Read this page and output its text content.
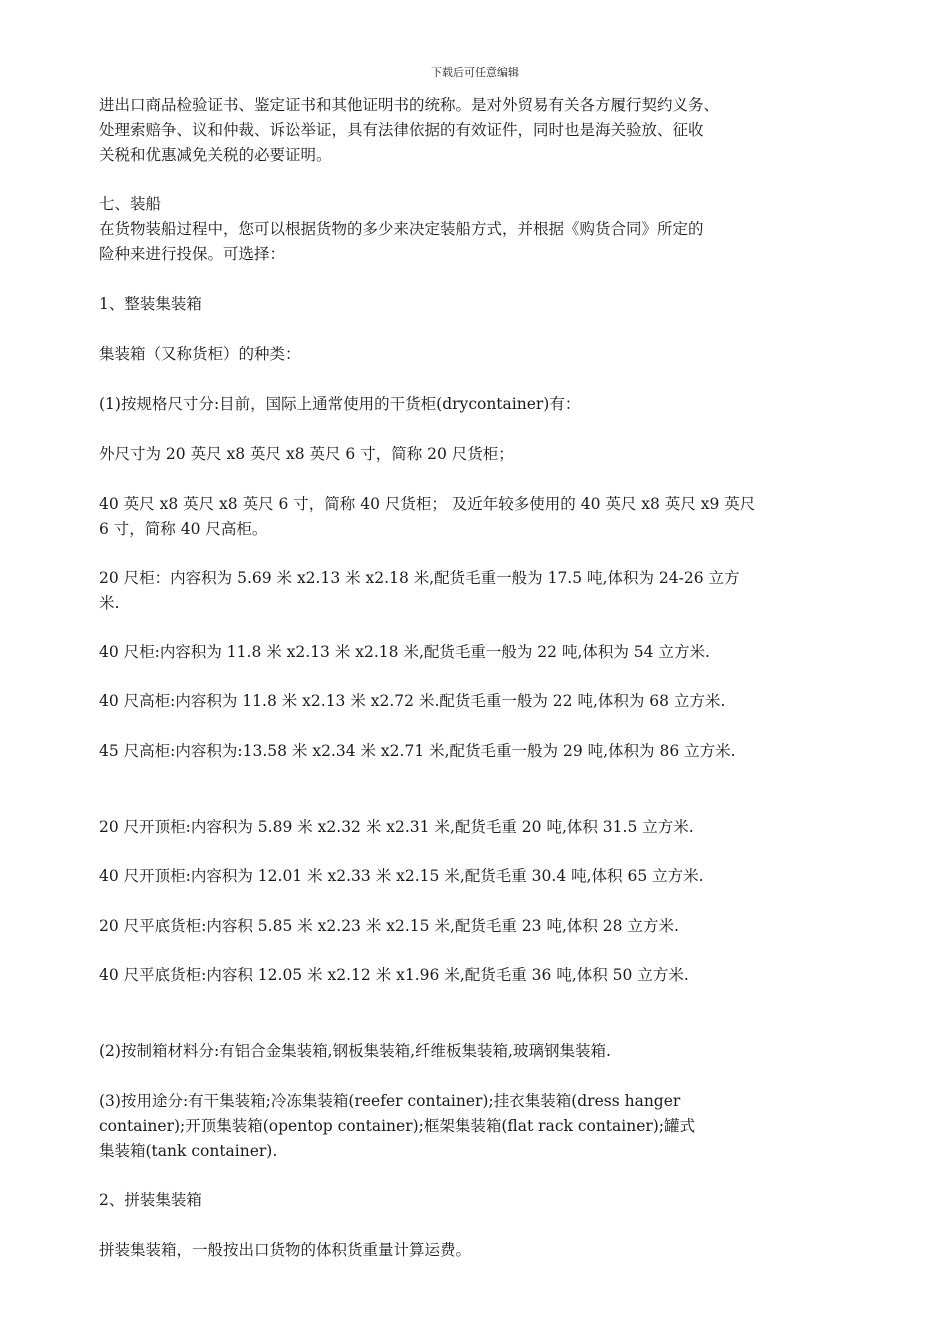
下载后可任意编辑
进出口商品检验证书、鉴定证书和其他证明书的统称。是对外贸易有关各方履行契约义务、
处理索赔争、议和仲裁、诉讼举证，具有法律依据的有效证件，同时也是海关验放、征收
关税和优惠减免关税的必要证明。
七、装船
在货物装船过程中，您可以根据货物的多少来决定装船方式，并根据《购货合同》所定的
险种来进行投保。可选择：
1、整装集装箱
集装箱（又称货柜）的种类：
(1)按规格尺寸分:目前，国际上通常使用的干货柜(drycontainer)有：
外尺寸为 20 英尺 x8 英尺 x8 英尺 6 寸，简称 20 尺货柜；
40 英尺 x8 英尺 x8 英尺 6 寸，简称 40 尺货柜； 及近年较多使用的 40 英尺 x8 英尺 x9 英尺
6 寸，简称 40 尺高柜。
20 尺柜：内容积为 5.69 米 x2.13 米 x2.18 米,配货毛重一般为 17.5 吨,体积为 24-26 立方
米.
40 尺柜:内容积为 11.8 米 x2.13 米 x2.18 米,配货毛重一般为 22 吨,体积为 54 立方米.
40 尺高柜:内容积为 11.8 米 x2.13 米 x2.72 米.配货毛重一般为 22 吨,体积为 68 立方米.
45 尺高柜:内容积为:13.58 米 x2.34 米 x2.71 米,配货毛重一般为 29 吨,体积为 86 立方米.
20 尺开顶柜:内容积为 5.89 米 x2.32 米 x2.31 米,配货毛重 20 吨,体积 31.5 立方米.
40 尺开顶柜:内容积为 12.01 米 x2.33 米 x2.15 米,配货毛重 30.4 吨,体积 65 立方米.
20 尺平底货柜:内容积 5.85 米 x2.23 米 x2.15 米,配货毛重 23 吨,体积 28 立方米.
40 尺平底货柜:内容积 12.05 米 x2.12 米 x1.96 米,配货毛重 36 吨,体积 50 立方米.
(2)按制箱材料分:有铝合金集装箱,钢板集装箱,纤维板集装箱,玻璃钢集装箱.
(3)按用途分:有干集装箱;冷冻集装箱(reefer container);挂衣集装箱(dress hanger
container);开顶集装箱(opentop container);框架集装箱(flat rack container);罐式
集装箱(tank container).
2、拼装集装箱
拼装集装箱，一般按出口货物的体积货重量计算运费。
